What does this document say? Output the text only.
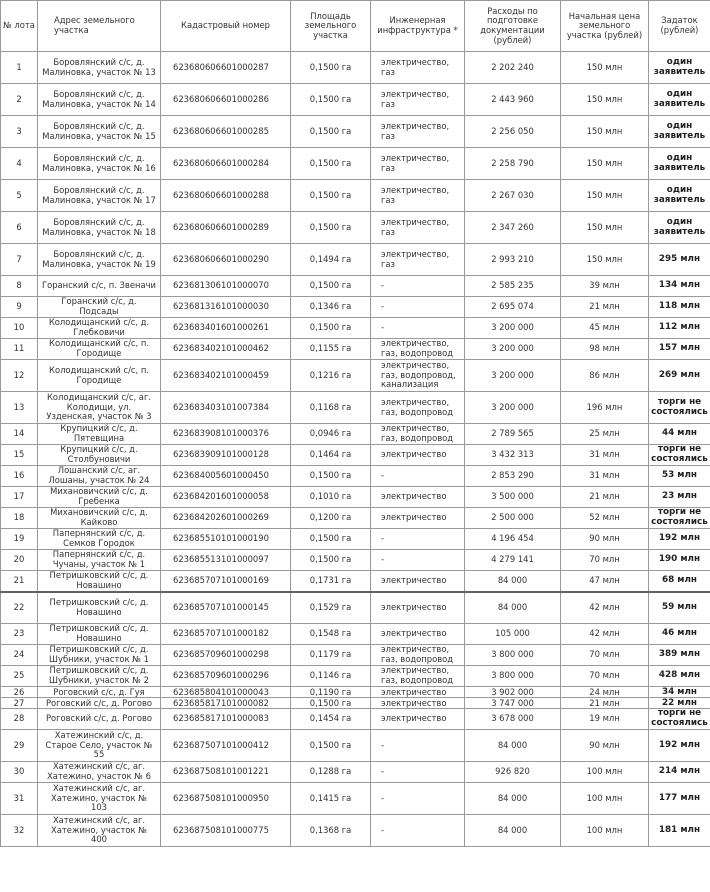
№ лота	Адрес земельного участка	Кадастровый номер	Площадь земельного участка	Инженерная инфраструктура *	Расходы по подготовке документации (рублей)	Начальная цена земельного участка (рублей)	Задаток (рублей)
1	Боровлянский с/с, д. Малиновка, участок № 13	623680606601000287	0,1500 га	электричество, газ	2 202 240	150 млн	один заявитель
2	Боровлянский с/с, д. Малиновка, участок № 14	623680606601000286	0,1500 га	электричество, газ	2 443 960	150 млн	один заявитель
3	Боровлянский с/с, д. Малиновка, участок № 15	623680606601000285	0,1500 га	электричество, газ	2 256 050	150 млн	один заявитель
4	Боровлянский с/с, д. Малиновка, участок № 16	623680606601000284	0,1500 га	электричество, газ	2 258 790	150 млн	один заявитель
5	Боровлянский с/с, д. Малиновка, участок № 17	623680606601000288	0,1500 га	электричество, газ	2 267 030	150 млн	один заявитель
6	Боровлянский с/с, д. Малиновка, участок № 18	623680606601000289	0,1500 га	электричество, газ	2 347 260	150 млн	один заявитель
7	Боровлянский с/с, д. Малиновка, участок № 19	623680606601000290	0,1494 га	электричество, газ	2 993 210	150 млн	295 млн
8	Горанский с/с, п. Звеначи	623681306101000070	0,1500 га	-	2 585 235	39 млн	134 млн
9	Горанский с/с, д. Подсады	623681316101000030	0,1346 га	-	2 695 074	21 млн	118 млн
10	Колодищанский с/с, д. Глебковичи	623683401601000261	0,1500 га	-	3 200 000	45 млн	112 млн
11	Колодищанский с/с, п. Городище	623683402101000462	0,1155 га	электричество, газ, водопровод	3 200 000	98 млн	157 млн
12	Колодищанский с/с, п. Городище	623683402101000459	0,1216 га	электричество, газ, водопровод, канализация	3 200 000	86 млн	269 млн
13	Колодищанский с/с, аг. Колодищи, ул. Узденская, участок № 3	623683403101007384	0,1168 га	электричество, газ, водопровод	3 200 000	196 млн	торги не состоялись
14	Крупицкий с/с, д. Пятевщина	623683908101000376	0,0946 га	электричество, газ, водопровод	2 789 565	25 млн	44 млн
15	Крупицкий с/с, д. Столбуновичи	623683909101000128	0,1464 га	электричество	3 432 313	31 млн	торги не состоялись
16	Лошанский с/с, аг. Лошаны, участок № 24	623684005601000450	0,1500 га	-	2 853 290	31 млн	53 млн
17	Михановичский с/с, д. Гребенка	623684201601000058	0,1010 га	электричество	3 500 000	21 млн	23 млн
18	Михановичский с/с, д. Кайково	623684202601000269	0,1200 га	электричество	2 500 000	52 млн	торги не состоялись
19	Папернянский с/с, д. Семков Городок	623685510101000190	0,1500 га	-	4 196 454	90 млн	192 млн
20	Папернянский с/с, д. Чучаны, участок № 1	623685513101000097	0,1500 га	-	4 279 141	70 млн	190 млн
21	Петришковский с/с, д. Новашино	623685707101000169	0,1731 га	электричество	84 000	47 млн	68 млн
22	Петришковский с/с, д. Новашино	623685707101000145	0,1529 га	электричество	84 000	42 млн	59 млн
23	Петришковский с/с, д. Новашино	623685707101000182	0,1548 га	электричество	105 000	42 млн	46 млн
24	Петришковский с/с, д. Шубники, участок № 1	623685709601000298	0,1179 га	электричество, газ, водопровод	3 800 000	70 млн	389 млн
25	Петришковский с/с, д. Шубники, участок № 2	623685709601000296	0,1146 га	электричество, газ, водопровод	3 800 000	70 млн	428 млн
26	Роговский с/с, д. Гуя	623685804101000043	0,1190 га	электричество	3 902 000	24 млн	34 млн
27	Роговский с/с, д. Рогово	623685817101000082	0,1500 га	электричество	3 747 000	21 млн	22 млн
28	Роговский с/с, д. Рогово	623685817101000083	0,1454 га	электричество	3 678 000	19 млн	торги не состоялись
29	Хатежинский с/с, д. Старое Село, участок № 55	623687507101000412	0,1500 га	-	84 000	90 млн	192 млн
30	Хатежинский с/с, аг. Хатежино, участок № 6	623687508101001221	0,1288 га	-	926 820	100 млн	214 млн
31	Хатежинский с/с, аг. Хатежино, участок № 103	623687508101000950	0,1415 га	-	84 000	100 млн	177 млн
32	Хатежинский с/с, аг. Хатежино, участок № 400	623687508101000775	0,1368 га	-	84 000	100 млн	181 млн
